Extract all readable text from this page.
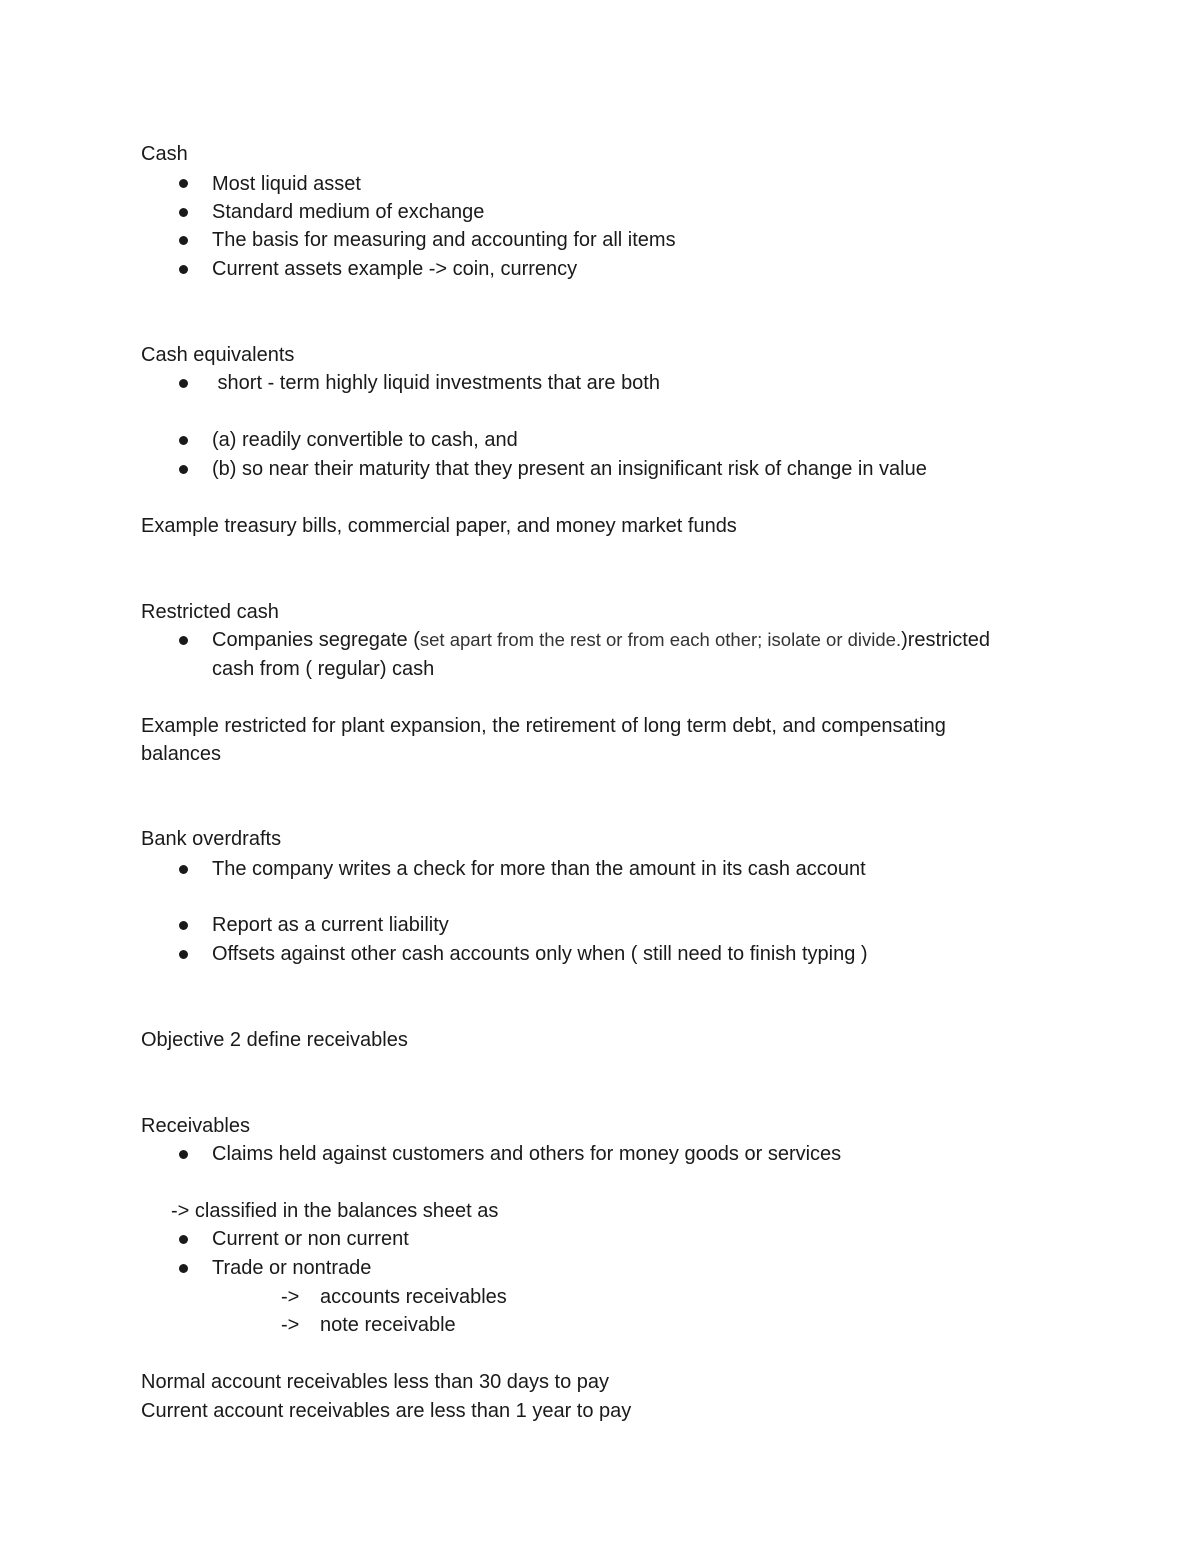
Cash
Most liquid asset
Standard medium of exchange
The basis for measuring and accounting for all items
Current assets example -> coin, currency
Cash equivalents
short - term highly liquid investments that are both
(a) readily convertible to cash, and
(b) so near their maturity that they present an insignificant risk of change in value
Example treasury bills, commercial paper, and money market funds
Restricted cash
Companies segregate (set apart from the rest or from each other; isolate or divide.)restricted
cash from ( regular) cash
Example restricted for plant expansion, the retirement of long term debt, and compensating
balances
Bank overdrafts
The company writes a check for more than the amount in its cash account
Report as a current liability
Offsets against other cash accounts only when ( still need to finish typing )
Objective 2 define receivables
Receivables
Claims held against customers and others for money goods or services
-> classified in the balances sheet as
Current or non current
Trade or nontrade
-> accounts receivables
-> note receivable
Normal account receivables less than 30 days to pay
Current account receivables are less than 1 year to pay
